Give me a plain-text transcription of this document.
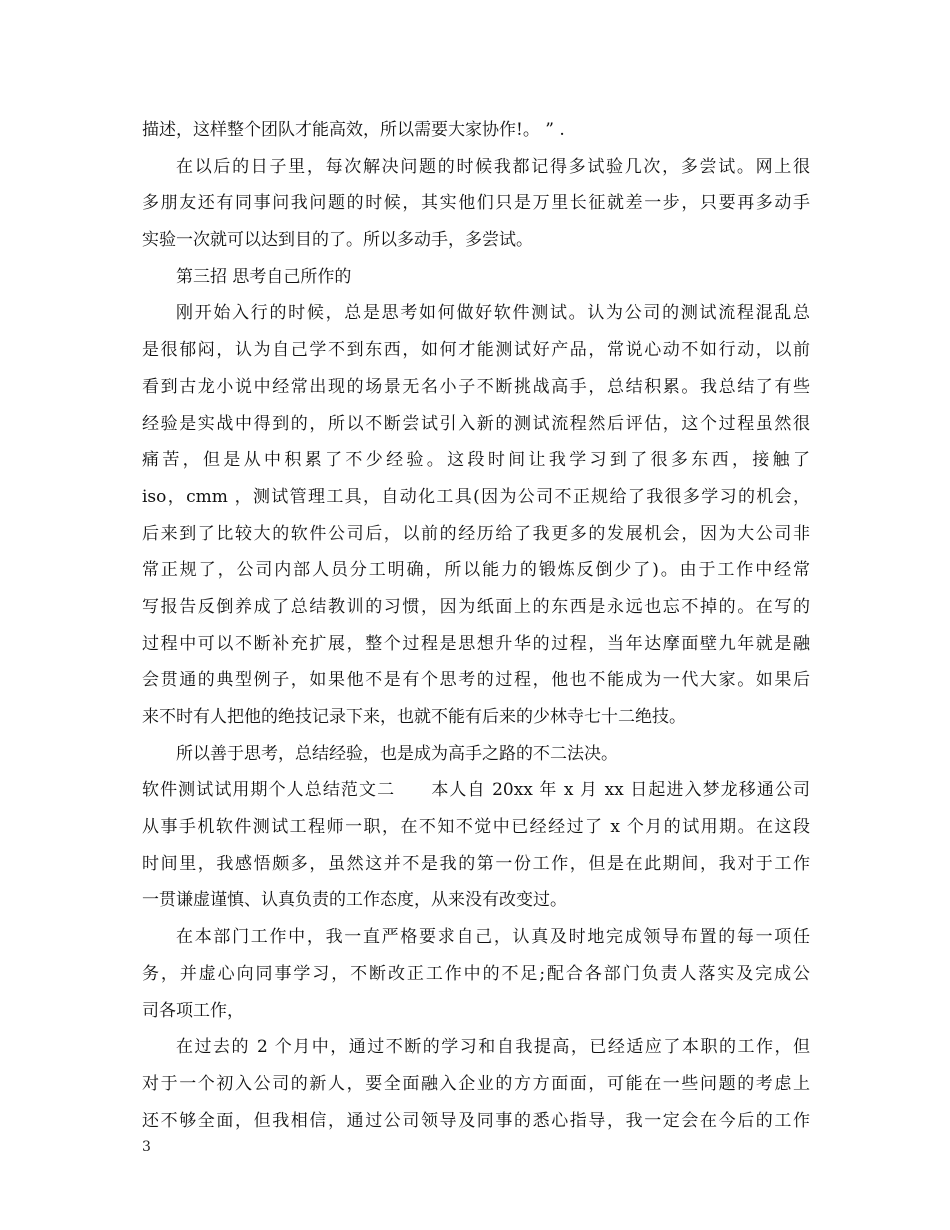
描述，这样整个团队才能高效，所以需要大家协作!。 ” .
在以后的日子里，每次解决问题的时候我都记得多试验几次，多尝试。网上很
多朋友还有同事问我问题的时候，其实他们只是万里长征就差一步，只要再多动手
实验一次就可以达到目的了。所以多动手，多尝试。
第三招 思考自己所作的
刚开始入行的时候，总是思考如何做好软件测试。认为公司的测试流程混乱总
是很郁闷，认为自己学不到东西，如何才能测试好产品，常说心动不如行动，以前
看到古龙小说中经常出现的场景无名小子不断挑战高手，总结积累。我总结了有些
经验是实战中得到的，所以不断尝试引入新的测试流程然后评估，这个过程虽然很
痛苦，但是从中积累了不少经验。这段时间让我学习到了很多东西，接触了
iso，cmm ，测试管理工具，自动化工具(因为公司不正规给了我很多学习的机会，
后来到了比较大的软件公司后，以前的经历给了我更多的发展机会，因为大公司非
常正规了，公司内部人员分工明确，所以能力的锻炼反倒少了)。由于工作中经常
写报告反倒养成了总结教训的习惯，因为纸面上的东西是永远也忘不掉的。在写的
过程中可以不断补充扩展，整个过程是思想升华的过程，当年达摩面壁九年就是融
会贯通的典型例子，如果他不是有个思考的过程，他也不能成为一代大家。如果后
来不时有人把他的绝技记录下来，也就不能有后来的少林寺七十二绝技。
所以善于思考，总结经验，也是成为高手之路的不二法决。
软件测试试用期个人总结范文二　　本人自 20xx 年 x 月 xx 日起进入梦龙移通公司
从事手机软件测试工程师一职，在不知不觉中已经经过了 x 个月的试用期。在这段
时间里，我感悟颇多，虽然这并不是我的第一份工作，但是在此期间，我对于工作
一贯谦虚谨慎、认真负责的工作态度，从来没有改变过。
在本部门工作中，我一直严格要求自己，认真及时地完成领导布置的每一项任
务，并虚心向同事学习，不断改正工作中的不足;配合各部门负责人落实及完成公
司各项工作，
在过去的 2 个月中，通过不断的学习和自我提高，已经适应了本职的工作，但
对于一个初入公司的新人，要全面融入企业的方方面面，可能在一些问题的考虑上
还不够全面，但我相信，通过公司领导及同事的悉心指导，我一定会在今后的工作
3
